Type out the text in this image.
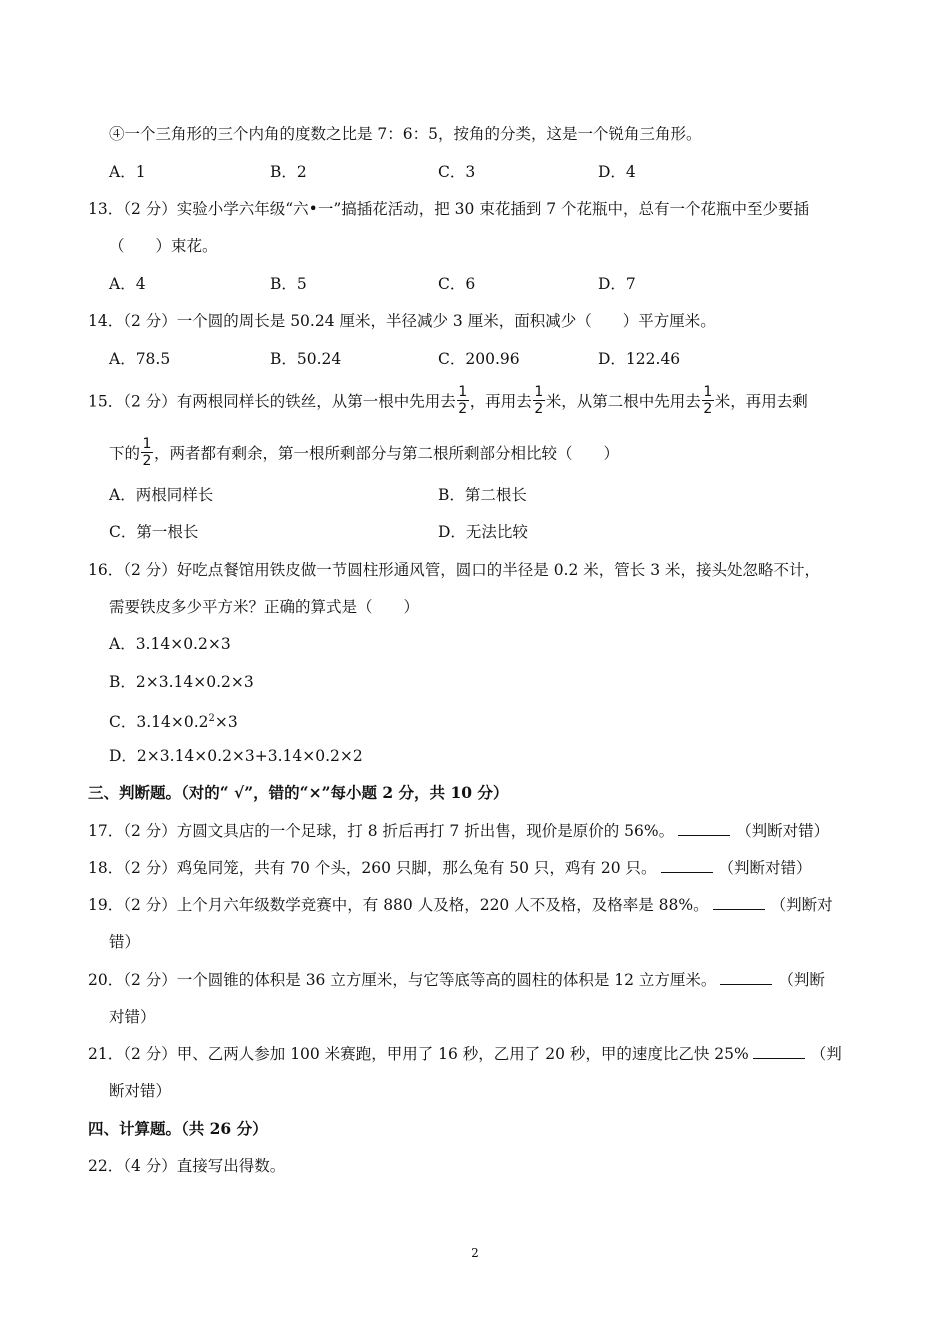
④一个三角形的三个内角的度数之比是 7：6：5，按角的分类，这是一个锐角三角形。
A．1	B．2	C．3	D．4
13．（2 分）实验小学六年级“六•一”搞插花活动，把 30 束花插到 7 个花瓶中，总有一个花瓶中至少要插
（　　）束花。
A．4	B．5	C．6	D．7
14．（2 分）一个圆的周长是 50.24 厘米，半径减少 3 厘米，面积减少（　　）平方厘米。
A．78.5	B．50.24	C．200.96	D．122.46
15．（2 分）有两根同样长的铁丝，从第一根中先用去 $\frac{1}{2}$ ，再用去 $\frac{1}{2}$ 米，从第二根中先用去 $\frac{1}{2}$ 米，再用去剩
下的 $\frac{1}{2}$ ，两者都有剩余，第一根所剩部分与第二根所剩部分相比较（　　）
A．两根同样长	B．第二根长
C．第一根长	D．无法比较
16．（2 分）好吃点餐馆用铁皮做一节圆柱形通风管，圆口的半径是 0.2 米，管长 3 米，接头处忽略不计，
需要铁皮多少平方米？正确的算式是（　　）
A．3.14×0.2×3
B．2×3.14×0.2×3
C．$3.14\times 0.2^2\times 3$
D．2×3.14×0.2×3+3.14×0.2×2
三、判断题。（对的“ √”，错的“×”每小题 2 分，共 10 分）
17．（2 分）方圆文具店的一个足球，打 8 折后再打 7 折出售，现价是原价的 56%。	（判断对错）
18．（2 分）鸡兔同笼，共有 70 个头，260 只脚，那么兔有 50 只，鸡有 20 只。	（判断对错）
19．（2 分）上个月六年级数学竞赛中，有 880 人及格，220 人不及格，及格率是 88%。	（判断对
错）
20．（2 分）一个圆锥的体积是 36 立方厘米，与它等底等高的圆柱的体积是 12 立方厘米。	（判断
对错）
21．（2 分）甲、乙两人参加 100 米赛跑，甲用了 16 秒，乙用了 20 秒，甲的速度比乙快 25%	（判
断对错）
四、计算题。（共 26 分）
22．（4 分）直接写出得数。
2
